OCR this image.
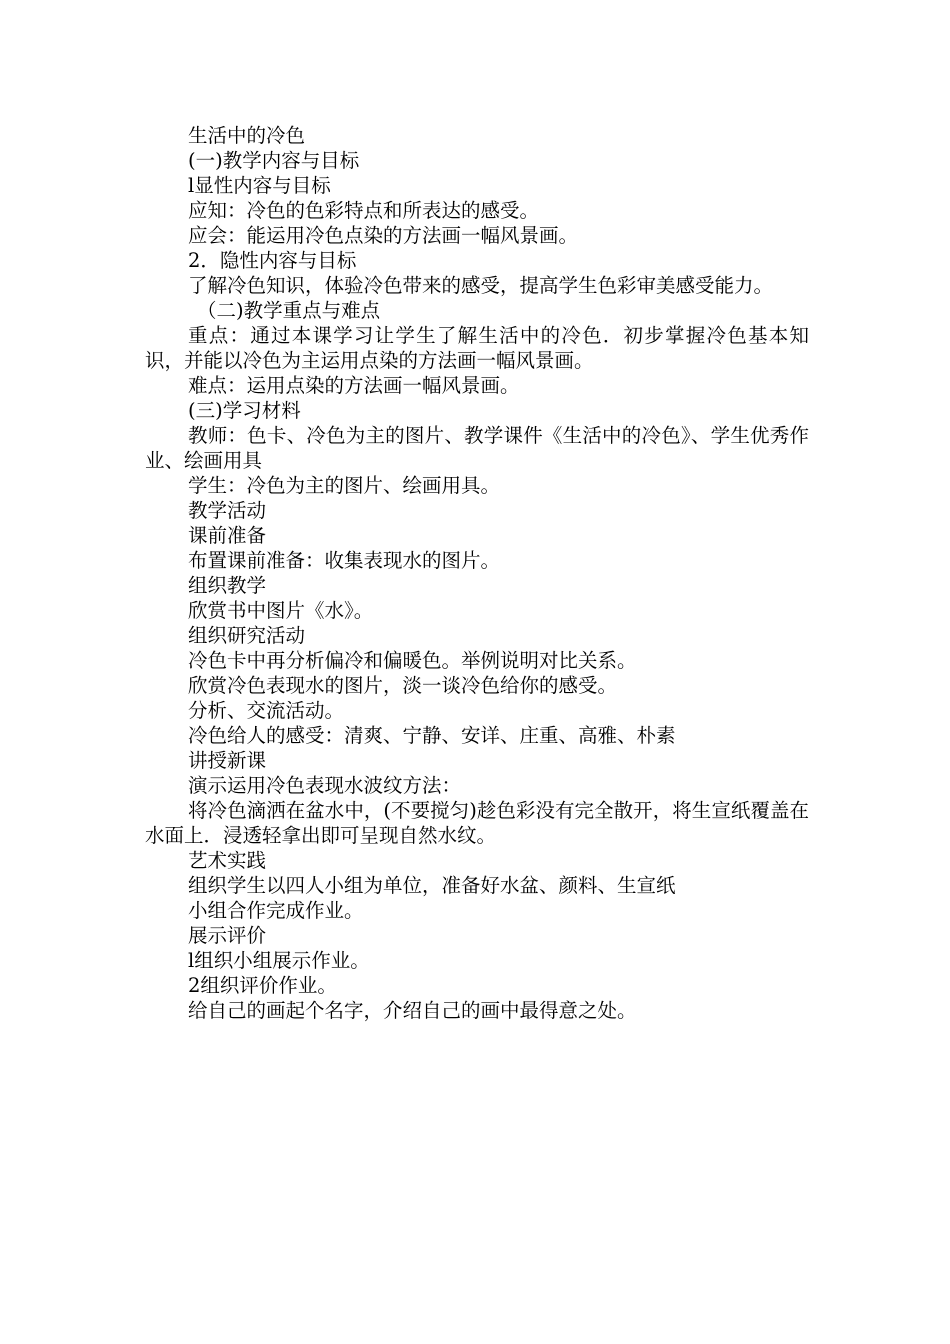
生活中的冷色

(一)教学内容与目标

l显性内容与目标

应知：冷色的色彩特点和所表达的感受。

应会：能运用冷色点染的方法画一幅风景画。

2．隐性内容与目标

了解冷色知识，体验冷色带来的感受，提高学生色彩审美感受能力。

（二)教学重点与难点

重点：通过本课学习让学生了解生活中的冷色．初步掌握冷色基本知识，并能以冷色为主运用点染的方法画一幅风景画。

难点：运用点染的方法画一幅风景画。

(三)学习材料

教师：色卡、冷色为主的图片、教学课件《生活中的冷色》、学生优秀作业、绘画用具

学生：冷色为主的图片、绘画用具。

教学活动

课前准备

布置课前准备：收集表现水的图片。

组织教学

欣赏书中图片《水》。

组织研究活动

冷色卡中再分析偏冷和偏暖色。举例说明对比关系。

欣赏冷色表现水的图片，淡一谈冷色给你的感受。

分析、交流活动。

冷色给人的感受：清爽、宁静、安详、庄重、高雅、朴素

讲授新课

演示运用冷色表现水波纹方法：

将冷色滴洒在盆水中，(不要搅匀)趁色彩没有完全散开，将生宣纸覆盖在水面上．浸透轻拿出即可呈现自然水纹。

艺术实践

组织学生以四人小组为单位，准备好水盆、颜料、生宣纸

小组合作完成作业。

展示评价

l组织小组展示作业。

2组织评价作业。

给自己的画起个名字，介绍自己的画中最得意之处。
